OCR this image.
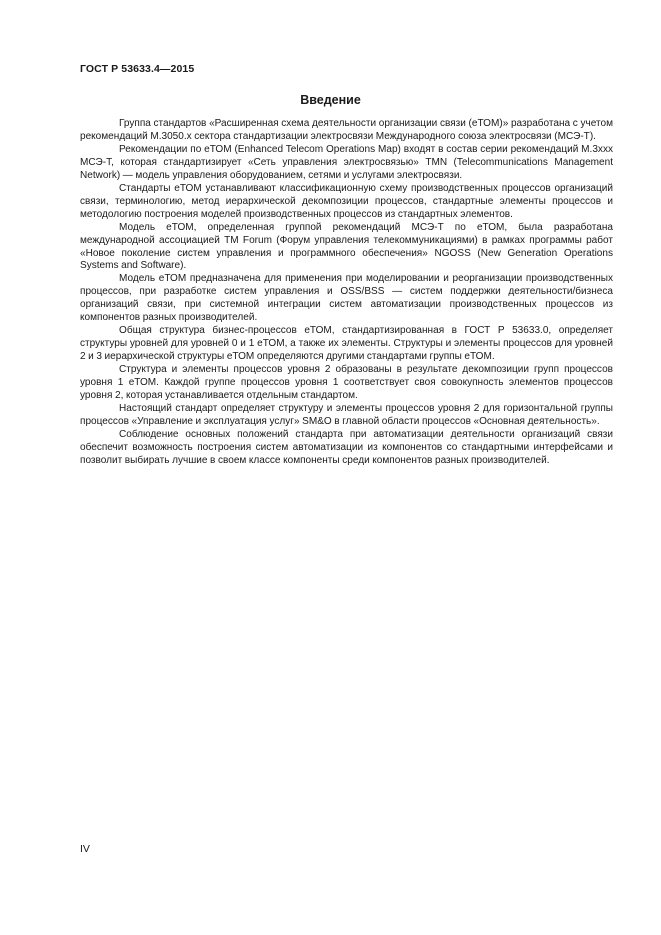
ГОСТ Р 53633.4—2015
Введение

Группа стандартов «Расширенная схема деятельности организации связи (еТОМ)» разработана с учетом рекомендаций М.3050.х сектора стандартизации электросвязи Международного союза электросвязи (МСЭ-Т).

Рекомендации по еТОМ (Enhanced Telecom Operations Map) входят в состав серии рекомендаций М.3ххх МСЭ-Т, которая стандартизирует «Сеть управления электросвязью» TMN (Telecommunications Management Network) — модель управления оборудованием, сетями и услугами электросвязи.

Стандарты еТОМ устанавливают классификационную схему производственных процессов организаций связи, терминологию, метод иерархической декомпозиции процессов, стандартные элементы процессов и методологию построения моделей производственных процессов из стандартных элементов.

Модель еТОМ, определенная группой рекомендаций МСЭ-Т по еТОМ, была разработана международной ассоциацией TM Forum (Форум управления телекоммуникациями) в рамках программы работ «Новое поколение систем управления и программного обеспечения» NGOSS (New Generation Operations Systems and Software).

Модель еТОМ предназначена для применения при моделировании и реорганизации производственных процессов, при разработке систем управления и OSS/BSS — систем поддержки деятельности/бизнеса организаций связи, при системной интеграции систем автоматизации производственных процессов из компонентов разных производителей.

Общая структура бизнес-процессов еТОМ, стандартизированная в ГОСТ Р 53633.0, определяет структуры уровней для уровней 0 и 1 еТОМ, а также их элементы. Структуры и элементы процессов для уровней 2 и 3 иерархической структуры еТОМ определяются другими стандартами группы еТОМ.

Структура и элементы процессов уровня 2 образованы в результате декомпозиции групп процессов уровня 1 еТОМ. Каждой группе процессов уровня 1 соответствует своя совокупность элементов процессов уровня 2, которая устанавливается отдельным стандартом.

Настоящий стандарт определяет структуру и элементы процессов уровня 2 для горизонтальной группы процессов «Управление и эксплуатация услуг» SM&O в главной области процессов «Основная деятельность».

Соблюдение основных положений стандарта при автоматизации деятельности организаций связи обеспечит возможность построения систем автоматизации из компонентов со стандартными интерфейсами и позволит выбирать лучшие в своем классе компоненты среди компонентов разных производителей.

IV
